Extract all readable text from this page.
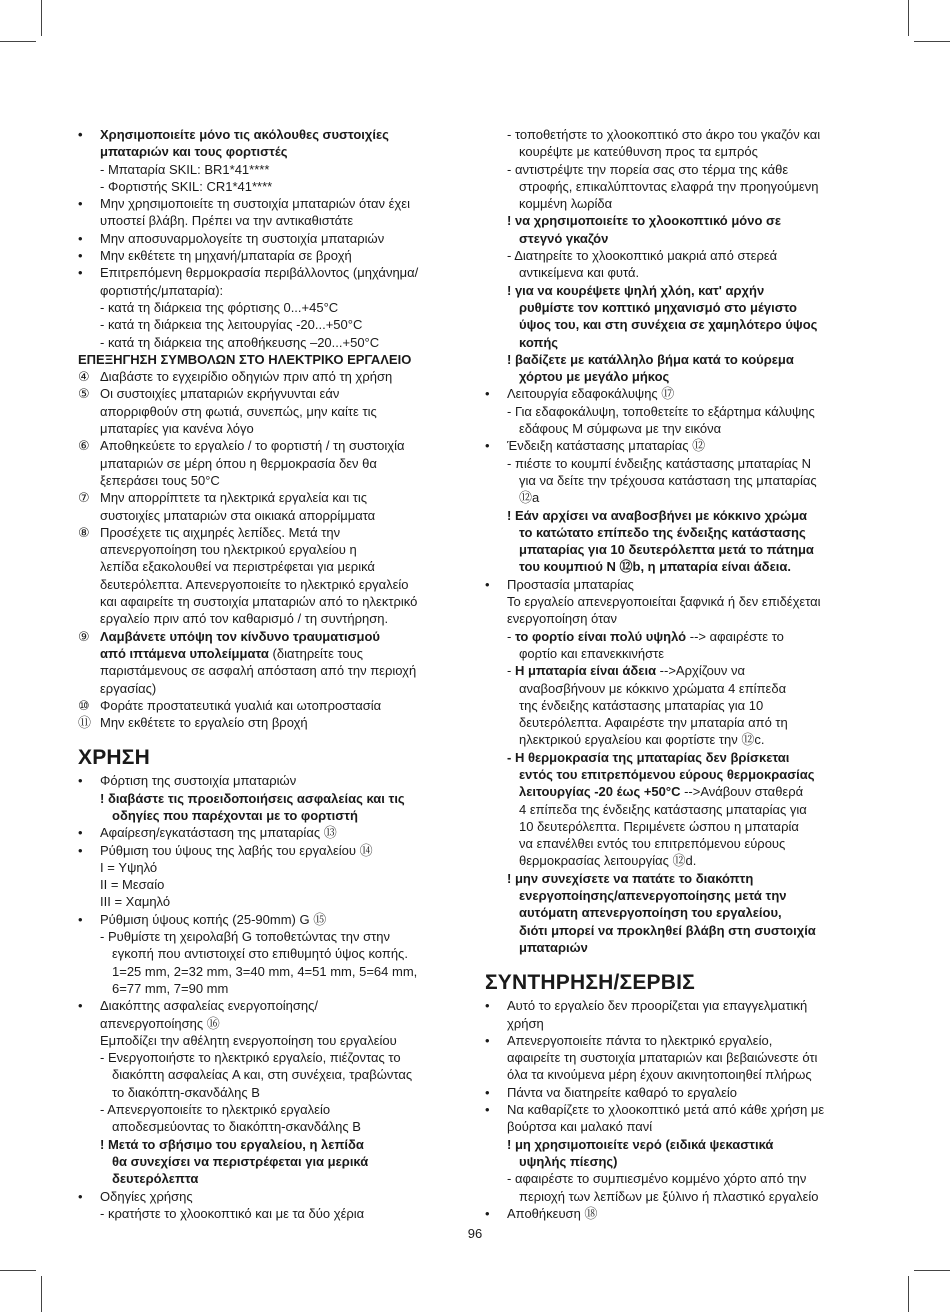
• Χρησιμοποιείτε μόνο τις ακόλουθες συστοιχίες
μπαταριών και τους φορτιστές
- Μπαταρία SKIL: BR1*41****
- Φορτιστής SKIL: CR1*41****
• Μην χρησιμοποιείτε τη συστοιχία μπαταριών όταν έχει
υποστεί βλάβη. Πρέπει να την αντικαθιστάτε
• Μην αποσυναρμολογείτε τη συστοιχία μπαταριών
• Μην εκθέτετε τη μηχανή/μπαταρία σε βροχή
• Επιτρεπόμενη θερμοκρασία περιβάλλοντος (μηχάνημα/
φορτιστής/μπαταρία):
- κατά τη διάρκεια της φόρτισης 0...+45°C
- κατά τη διάρκεια της λειτουργίας -20...+50°C
- κατά τη διάρκεια της αποθήκευσης –20...+50°C
ΕΠΕΞΗΓΗΣΗ ΣΥΜΒΟΛΩΝ ΣΤΟ ΗΛΕΚΤΡΙΚΟ ΕΡΓΑΛΕΙΟ
④ Διαβάστε το εγχειρίδιο οδηγιών πριν από τη χρήση
⑤ Οι συστοιχίες μπαταριών εκρήγνυνται εάν
απορριφθούν στη φωτιά, συνεπώς, μην καίτε τις
μπαταρίες για κανένα λόγο
⑥ Αποθηκεύετε το εργαλείο / το φορτιστή / τη συστοιχία
μπαταριών σε μέρη όπου η θερμοκρασία δεν θα
ξεπεράσει τους 50°C
⑦ Μην απορρίπτετε τα ηλεκτρικά εργαλεία και τις
συστοιχίες μπαταριών στα οικιακά απορρίμματα
⑧ Προσέχετε τις αιχμηρές λεπίδες. Μετά την
απενεργοποίηση του ηλεκτρικού εργαλείου η
λεπίδα εξακολουθεί να περιστρέφεται για μερικά
δευτερόλεπτα. Απενεργοποιείτε το ηλεκτρικό εργαλείο
και αφαιρείτε τη συστοιχία μπαταριών από το ηλεκτρικό
εργαλείο πριν από τον καθαρισμό / τη συντήρηση.
⑨ Λαμβάνετε υπόψη τον κίνδυνο τραυματισμού
από ιπτάμενα υπολείμματα (διατηρείτε τους
παριστάμενους σε ασφαλή απόσταση από την περιοχή
εργασίας)
⑩ Φοράτε προστατευτικά γυαλιά και ωτοπροστασία
⑪ Μην εκθέτετε το εργαλείο στη βροχή
ΧΡΗΣΗ
• Φόρτιση της συστοιχία μπαταριών
! διαβάστε τις προειδοποιήσεις ασφαλείας και τις
οδηγίες που παρέχονται με το φορτιστή
• Αφαίρεση/εγκατάσταση της μπαταρίας ⑬
• Ρύθμιση του ύψους της λαβής του εργαλείου ⑭
I = Υψηλό
II = Μεσαίο
III = Χαμηλό
• Ρύθμιση ύψους κοπής (25-90mm) G ⑮
- Ρυθμίστε τη χειρολαβή G τοποθετώντας την στην
εγκοπή που αντιστοιχεί στο επιθυμητό ύψος κοπής.
1=25 mm, 2=32 mm, 3=40 mm, 4=51 mm, 5=64 mm,
6=77 mm, 7=90 mm
• Διακόπτης ασφαλείας ενεργοποίησης/
απενεργοποίησης ⑯
Εμποδίζει την αθέλητη ενεργοποίηση του εργαλείου
- Ενεργοποιήστε το ηλεκτρικό εργαλείο, πιέζοντας το
διακόπτη ασφαλείας A και, στη συνέχεια, τραβώντας
το διακόπτη-σκανδάλης B
- Απενεργοποιείτε το ηλεκτρικό εργαλείο
αποδεσμεύοντας το διακόπτη-σκανδάλης B
! Μετά το σβήσιμο του εργαλείου, η λεπίδα
θα συνεχίσει να περιστρέφεται για μερικά
δευτερόλεπτα
• Οδηγίες χρήσης
- κρατήστε το χλοοκοπτικό και με τα δύο χέρια
- τοποθετήστε το χλοοκοπτικό στο άκρο του γκαζόν και
κουρέψτε με κατεύθυνση προς τα εμπρός
- αντιστρέψτε την πορεία σας στο τέρμα της κάθε
στροφής, επικαλύπτοντας ελαφρά την προηγούμενη
κομμένη λωρίδα
! να χρησιμοποιείτε το χλοοκοπτικό μόνο σε
στεγνό γκαζόν
- Διατηρείτε το χλοοκοπτικό μακριά από στερεά
αντικείμενα και φυτά.
! για να κουρέψετε ψηλή χλόη, κατ' αρχήν
ρυθμίστε τον κοπτικό μηχανισμό στο μέγιστο
ύψος του, και στη συνέχεια σε χαμηλότερο ύψος
κοπής
! βαδίζετε με κατάλληλο βήμα κατά το κούρεμα
χόρτου με μεγάλο μήκος
• Λειτουργία εδαφοκάλυψης ⑰
- Για εδαφοκάλυψη, τοποθετείτε το εξάρτημα κάλυψης
εδάφους M σύμφωνα με την εικόνα
• Ένδειξη κατάστασης μπαταρίας ⑫
- πιέστε το κουμπί ένδειξης κατάστασης μπαταρίας N
για να δείτε την τρέχουσα κατάσταση της μπαταρίας
⑫a
! Εάν αρχίσει να αναβοσβήνει με κόκκινο χρώμα
το κατώτατο επίπεδο της ένδειξης κατάστασης
μπαταρίας για 10 δευτερόλεπτα μετά το πάτημα
του κουμπιού N ⑫b, η μπαταρία είναι άδεια.
• Προστασία μπαταρίας
Το εργαλείο απενεργοποιείται ξαφνικά ή δεν επιδέχεται
ενεργοποίηση όταν
- το φορτίο είναι πολύ υψηλό --> αφαιρέστε το
φορτίο και επανεκκινήστε
- Η μπαταρία είναι άδεια -->Αρχίζουν να
αναβοσβήνουν με κόκκινο χρώματα 4 επίπεδα
της ένδειξης κατάστασης μπαταρίας για 10
δευτερόλεπτα. Αφαιρέστε την μπαταρία από τη
ηλεκτρικού εργαλείου και φορτίστε την ⑫c.
- Η θερμοκρασία της μπαταρίας δεν βρίσκεται
εντός του επιτρεπόμενου εύρους θερμοκρασίας
λειτουργίας -20 έως +50°C -->Ανάβουν σταθερά
4 επίπεδα της ένδειξης κατάστασης μπαταρίας για
10 δευτερόλεπτα. Περιμένετε ώσπου η μπαταρία
να επανέλθει εντός του επιτρεπόμενου εύρους
θερμοκρασίας λειτουργίας ⑫d.
! μην συνεχίσετε να πατάτε το διακόπτη
ενεργοποίησης/απενεργοποίησης μετά την
αυτόματη απενεργοποίηση του εργαλείου,
διότι μπορεί να προκληθεί βλάβη στη συστοιχία
μπαταριών
ΣΥΝΤΗΡΗΣΗ/ΣΕΡΒΙΣ
• Αυτό το εργαλείο δεν προορίζεται για επαγγελματική
χρήση
• Απενεργοποιείτε πάντα το ηλεκτρικό εργαλείο,
αφαιρείτε τη συστοιχία μπαταριών και βεβαιώνεστε ότι
όλα τα κινούμενα μέρη έχουν ακινητοποιηθεί πλήρως
• Πάντα να διατηρείτε καθαρό το εργαλείο
• Να καθαρίζετε το χλοοκοπτικό μετά από κάθε χρήση με
βούρτσα και μαλακό πανί
! μη χρησιμοποιείτε νερό (ειδικά ψεκαστικά
υψηλής πίεσης)
- αφαιρέστε το συμπιεσμένο κομμένο χόρτο από την
περιοχή των λεπίδων με ξύλινο ή πλαστικό εργαλείο
• Αποθήκευση ⑱
96
